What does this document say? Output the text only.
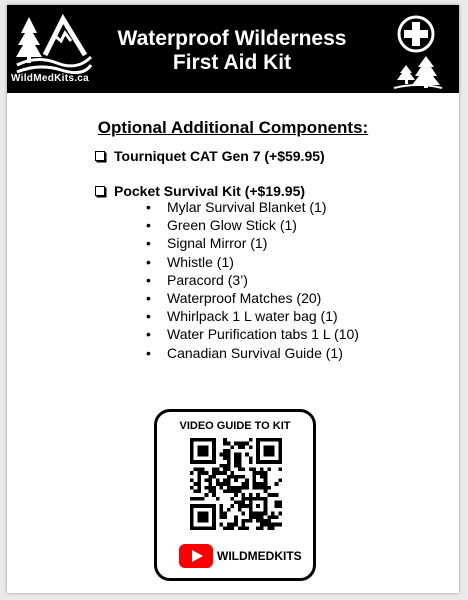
WildMedKits.ca
Waterproof Wilderness
First Aid Kit
Optional Additional Components:
Tourniquet CAT Gen 7 (+$59.95)
Pocket Survival Kit (+$19.95)
• Mylar Survival Blanket (1)
• Green Glow Stick (1)
• Signal Mirror (1)
• Whistle (1)
• Paracord (3’)
• Waterproof Matches (20)
• Whirlpack 1 L water bag (1)
• Water Purification tabs 1 L (10)
• Canadian Survival Guide (1)
VIDEO GUIDE TO KIT
WILDMEDKITS
